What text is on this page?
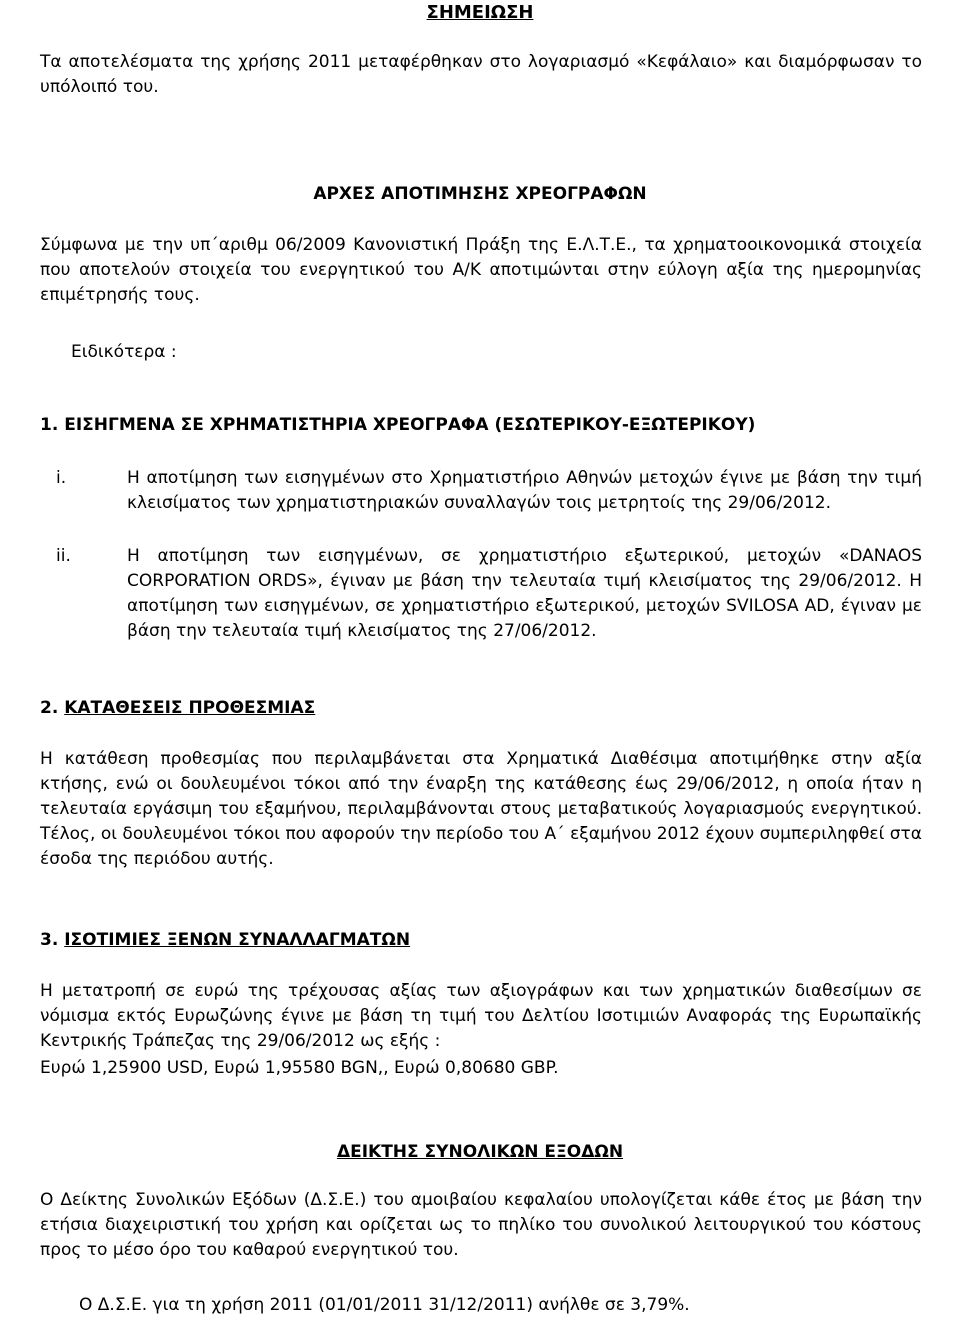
ΣΗΜΕΙΩΣΗ
Τα αποτελέσματα της χρήσης 2011 μεταφέρθηκαν στο λογαριασμό «Κεφάλαιο» και διαμόρφωσαν το υπόλοιπό του.
ΑΡΧΕΣ ΑΠΟΤΙΜΗΣΗΣ ΧΡΕΟΓΡΑΦΩΝ
Σύμφωνα με την υπ΄αριθμ 06/2009 Κανονιστική Πράξη της Ε.Λ.Τ.Ε., τα χρηματοοικονομικά στοιχεία που αποτελούν στοιχεία του ενεργητικού του Α/Κ αποτιμώνται στην εύλογη αξία της ημερομηνίας επιμέτρησής τους.
Ειδικότερα :
1. ΕΙΣΗΓΜΕΝΑ ΣΕ ΧΡΗΜΑΤΙΣΤΗΡΙΑ ΧΡΕΟΓΡΑΦΑ (ΕΣΩΤΕΡΙΚΟΥ-ΕΞΩΤΕΡΙΚΟΥ)
i.	Η αποτίμηση των εισηγμένων στο Χρηματιστήριο Αθηνών μετοχών έγινε με βάση την τιμή κλεισίματος των χρηματιστηριακών συναλλαγών τοις μετρητοίς της 29/06/2012.
ii.	Η αποτίμηση των εισηγμένων, σε χρηματιστήριο εξωτερικού, μετοχών «DANAOS CORPORATION ORDS», έγιναν με βάση την τελευταία τιμή κλεισίματος της 29/06/2012. Η αποτίμηση των εισηγμένων, σε χρηματιστήριο εξωτερικού, μετοχών SVILOSA AD, έγιναν με βάση την τελευταία τιμή κλεισίματος της 27/06/2012.
2. ΚΑΤΑΘΕΣΕΙΣ ΠΡΟΘΕΣΜΙΑΣ
Η κατάθεση προθεσμίας που περιλαμβάνεται στα Χρηματικά Διαθέσιμα αποτιμήθηκε στην αξία κτήσης, ενώ οι δουλευμένοι τόκοι από την έναρξη της κατάθεσης έως 29/06/2012, η οποία ήταν η τελευταία εργάσιμη του εξαμήνου, περιλαμβάνονται στους μεταβατικούς λογαριασμούς ενεργητικού. Τέλος, οι δουλευμένοι τόκοι που αφορούν την περίοδο του Α΄ εξαμήνου 2012 έχουν συμπεριληφθεί στα έσοδα της περιόδου αυτής.
3. ΙΣΟΤΙΜΙΕΣ ΞΕΝΩΝ ΣΥΝΑΛΛΑΓΜΑΤΩΝ
Η μετατροπή σε ευρώ της τρέχουσας αξίας των αξιογράφων και των χρηματικών διαθεσίμων σε νόμισμα εκτός Ευρωζώνης έγινε με βάση τη τιμή του Δελτίου Ισοτιμιών Αναφοράς της Ευρωπαϊκής Κεντρικής Τράπεζας της 29/06/2012 ως εξής :
Ευρώ 1,25900 USD, Ευρώ 1,95580 BGN,, Ευρώ 0,80680 GBP.
ΔΕΙΚΤΗΣ ΣΥΝΟΛΙΚΩΝ ΕΞΟΔΩΝ
Ο Δείκτης Συνολικών Εξόδων (Δ.Σ.Ε.) του αμοιβαίου κεφαλαίου υπολογίζεται κάθε έτος με βάση την ετήσια διαχειριστική του χρήση και ορίζεται ως το πηλίκο του συνολικού λειτουργικού του κόστους προς το μέσο όρο του καθαρού ενεργητικού του.
Ο Δ.Σ.Ε. για τη χρήση 2011 (01/01/2011 31/12/2011) ανήλθε σε 3,79%.
